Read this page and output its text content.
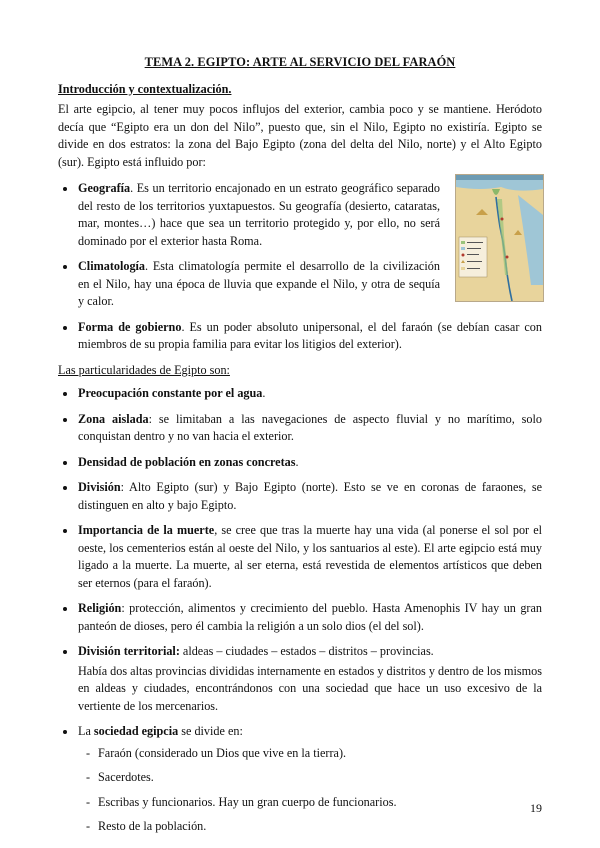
TEMA 2. EGIPTO: ARTE AL SERVICIO DEL FARAÓN
Introducción y contextualización.

El arte egipcio, al tener muy pocos influjos del exterior, cambia poco y se mantiene. Heródoto decía que “Egipto era un don del Nilo”, puesto que, sin el Nilo, Egipto no existiría. Egipto se divide en dos estratos: la zona del Bajo Egipto (zona del delta del Nilo, norte) y el Alto Egipto (sur). Egipto está influido por:

Geografía. Es un territorio encajonado en un estrato geográfico separado del resto de los territorios yuxtapuestos. Su geografía (desierto, cataratas, mar, montes…) hace que sea un territorio protegido y, por ello, no será dominado por el exterior hasta Roma.
Climatología. Esta climatología permite el desarrollo de la civilización en el Nilo, hay una época de lluvia que expande el Nilo, y otra de sequía y calor.
Forma de gobierno. Es un poder absoluto unipersonal, el del faraón (se debían casar con miembros de su propia familia para evitar los litigios del exterior).
Las particularidades de Egipto son:
Preocupación constante por el agua.
Zona aislada: se limitaban a las navegaciones de aspecto fluvial y no marítimo, solo conquistan dentro y no van hacia el exterior.
Densidad de población en zonas concretas.
División: Alto Egipto (sur) y Bajo Egipto (norte). Esto se ve en coronas de faraones, se distinguen en alto y bajo Egipto.
Importancia de la muerte, se cree que tras la muerte hay una vida (al ponerse el sol por el oeste, los cementerios están al oeste del Nilo, y los santuarios al este). El arte egipcio está muy ligado a la muerte. La muerte, al ser eterna, está revestida de elementos artísticos que deben ser eternos (para el faraón).
Religión: protección, alimentos y crecimiento del pueblo. Hasta Amenophis IV hay un gran panteón de dioses, pero él cambia la religión a un solo dios (el del sol).
División territorial: aldeas – ciudades – estados – distritos – provincias.

Había dos altas provincias divididas internamente en estados y distritos y dentro de los mismos en aldeas y ciudades, encontrándonos con una sociedad que hace un uso excesivo de la vertiente de los mercenarios.

La sociedad egipcia se divide en:
- Faraón (considerado un Dios que vive en la tierra).
- Sacerdotes.
- Escribas y funcionarios. Hay un gran cuerpo de funcionarios.
- Resto de la población.
19
